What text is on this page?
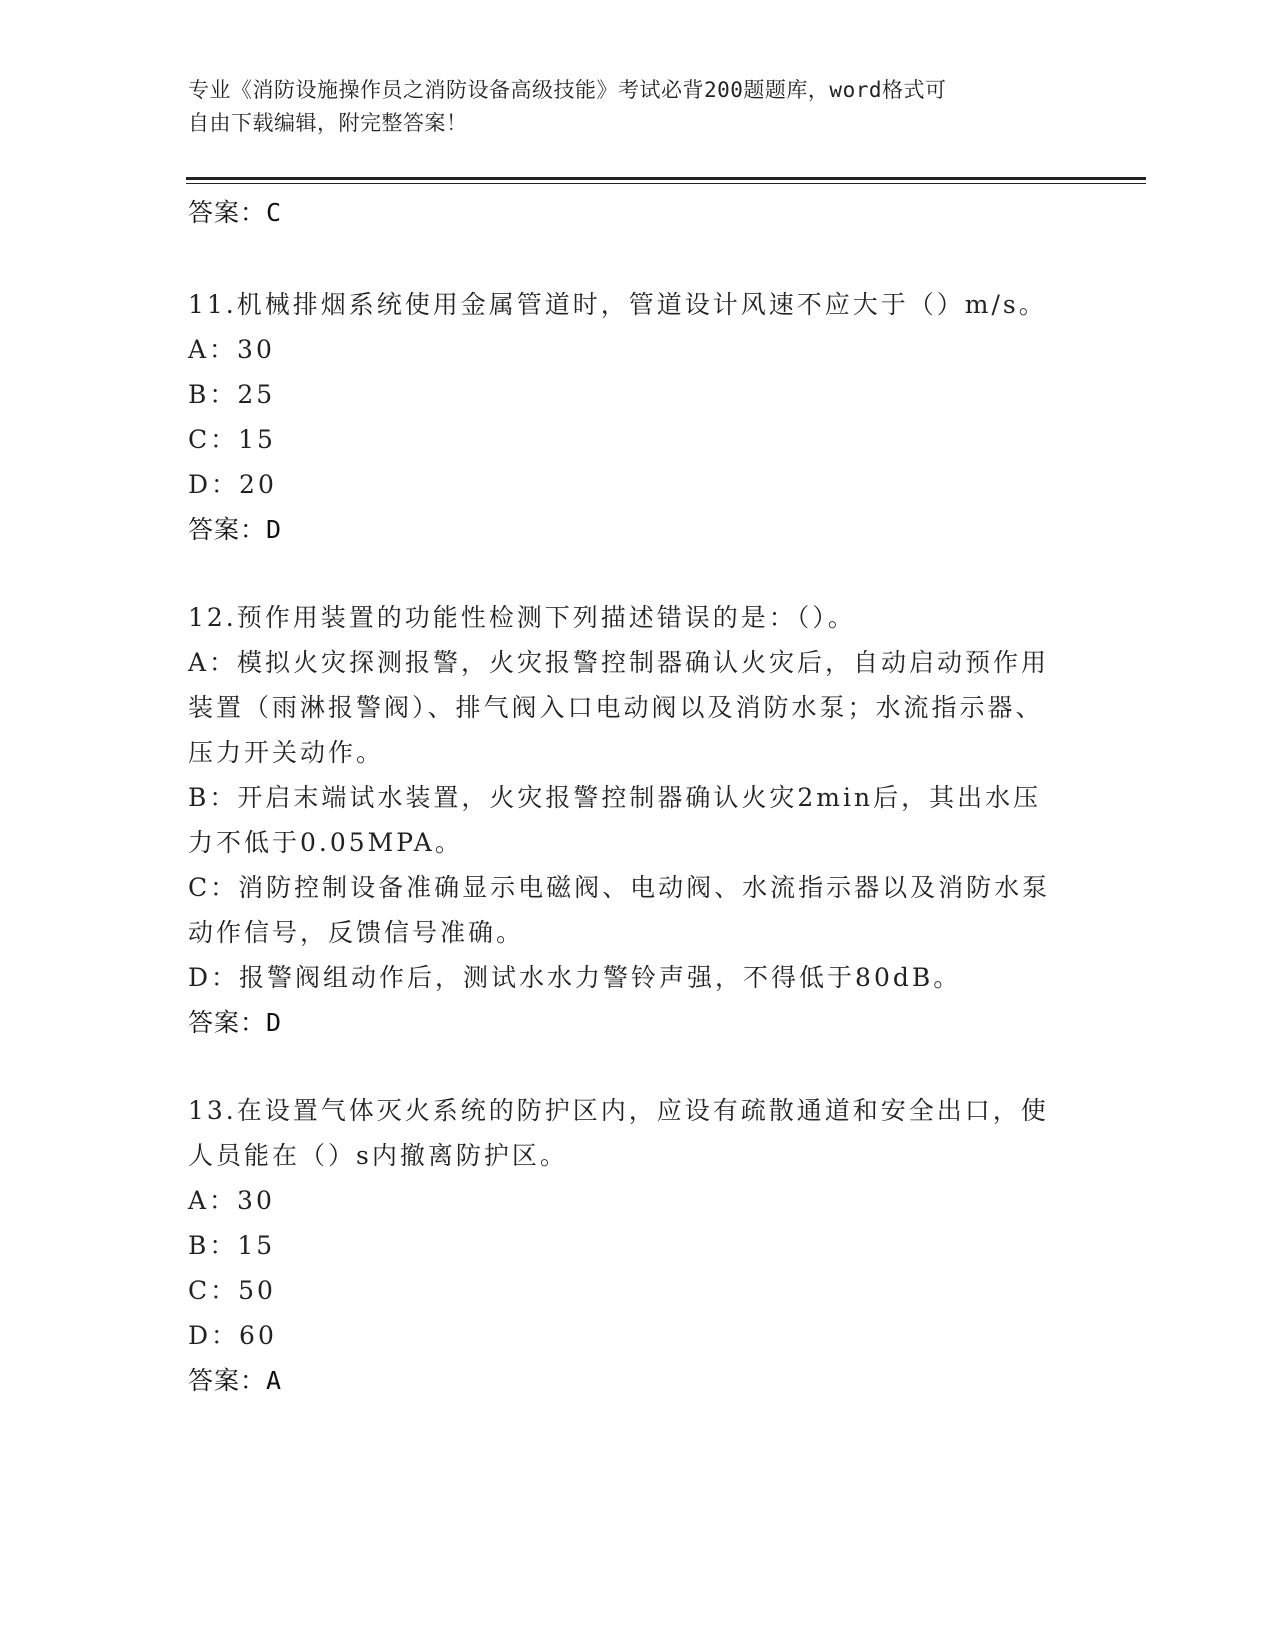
专业《消防设施操作员之消防设备高级技能》考试必背200题题库，word格式可
自由下载编辑，附完整答案！
答案：C
11.机械排烟系统使用金属管道时，管道设计风速不应大于（）m/s。
A：30
B：25
C：15
D：20
答案：D
12.预作用装置的功能性检测下列描述错误的是：（）。
A：模拟火灾探测报警，火灾报警控制器确认火灾后，自动启动预作用装置（雨淋报警阀）、排气阀入口电动阀以及消防水泵；水流指示器、压力开关动作。
B：开启末端试水装置，火灾报警控制器确认火灾2min后，其出水压力不低于0.05MPA。
C：消防控制设备准确显示电磁阀、电动阀、水流指示器以及消防水泵动作信号，反馈信号准确。
D：报警阀组动作后，测试水水力警铃声强，不得低于80dB。
答案：D
13.在设置气体灭火系统的防护区内，应设有疏散通道和安全出口，使人员能在（）s内撤离防护区。
A：30
B：15
C：50
D：60
答案：A
